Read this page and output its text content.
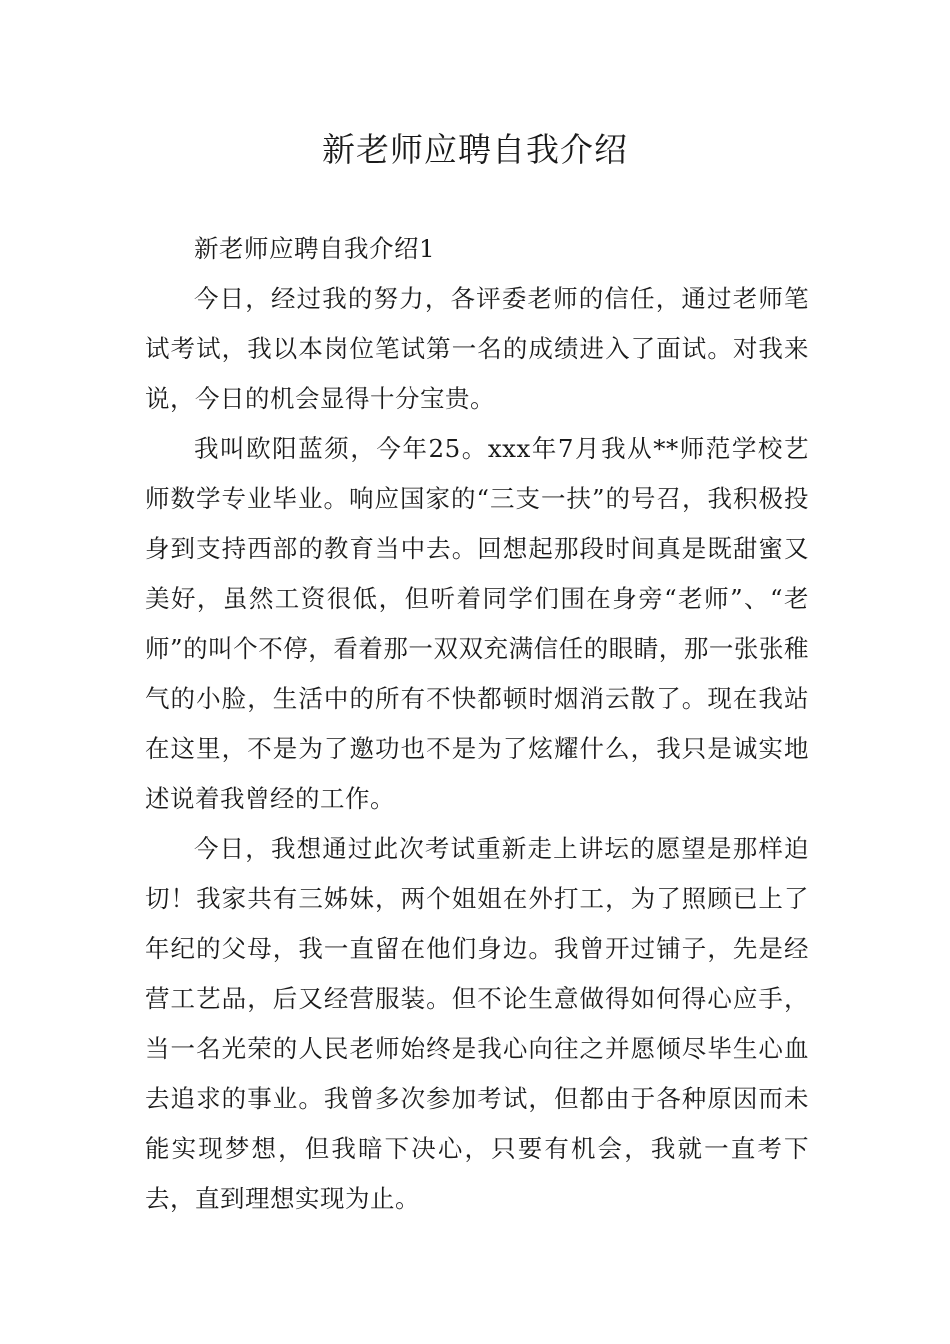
新老师应聘自我介绍

新老师应聘自我介绍1

今日，经过我的努力，各评委老师的信任，通过老师笔试考试，我以本岗位笔试第一名的成绩进入了面试。对我来说，今日的机会显得十分宝贵。

我叫欧阳蓝须，今年25。xxx年7月我从**师范学校艺师数学专业毕业。响应国家的“三支一扶”的号召，我积极投身到支持西部的教育当中去。回想起那段时间真是既甜蜜又美好，虽然工资很低，但听着同学们围在身旁“老师”、“老师”的叫个不停，看着那一双双充满信任的眼睛，那一张张稚气的小脸，生活中的所有不快都顿时烟消云散了。现在我站在这里，不是为了邀功也不是为了炫耀什么，我只是诚实地述说着我曾经的工作。

今日，我想通过此次考试重新走上讲坛的愿望是那样迫切！我家共有三姊妹，两个姐姐在外打工，为了照顾已上了年纪的父母，我一直留在他们身边。我曾开过铺子，先是经营工艺品，后又经营服装。但不论生意做得如何得心应手，当一名光荣的人民老师始终是我心向往之并愿倾尽毕生心血去追求的事业。我曾多次参加考试，但都由于各种原因而未能实现梦想，但我暗下决心，只要有机会，我就一直考下去，直到理想实现为止。
